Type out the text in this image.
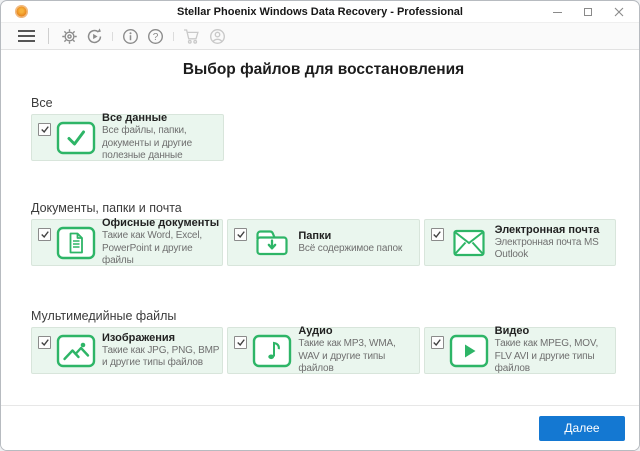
Stellar Phoenix Windows Data Recovery - Professional
?
Выбор файлов для восстановления
Все
Все данные
Все файлы, папки, документы и другие полезные данные
Документы, папки и почта
Офисные документы
Такие как Word, Excel, PowerPoint и другие файлы
Папки
Всё содержимое папок
Электронная почта
Электронная почта MS Outlook
Мультимедийные файлы
Изображения
Такие как JPG, PNG, BMP и другие типы файлов
Аудио
Такие как MP3, WMA, WAV и другие типы файлов
Видео
Такие как MPEG, MOV, FLV AVI и другие типы файлов
Далее
